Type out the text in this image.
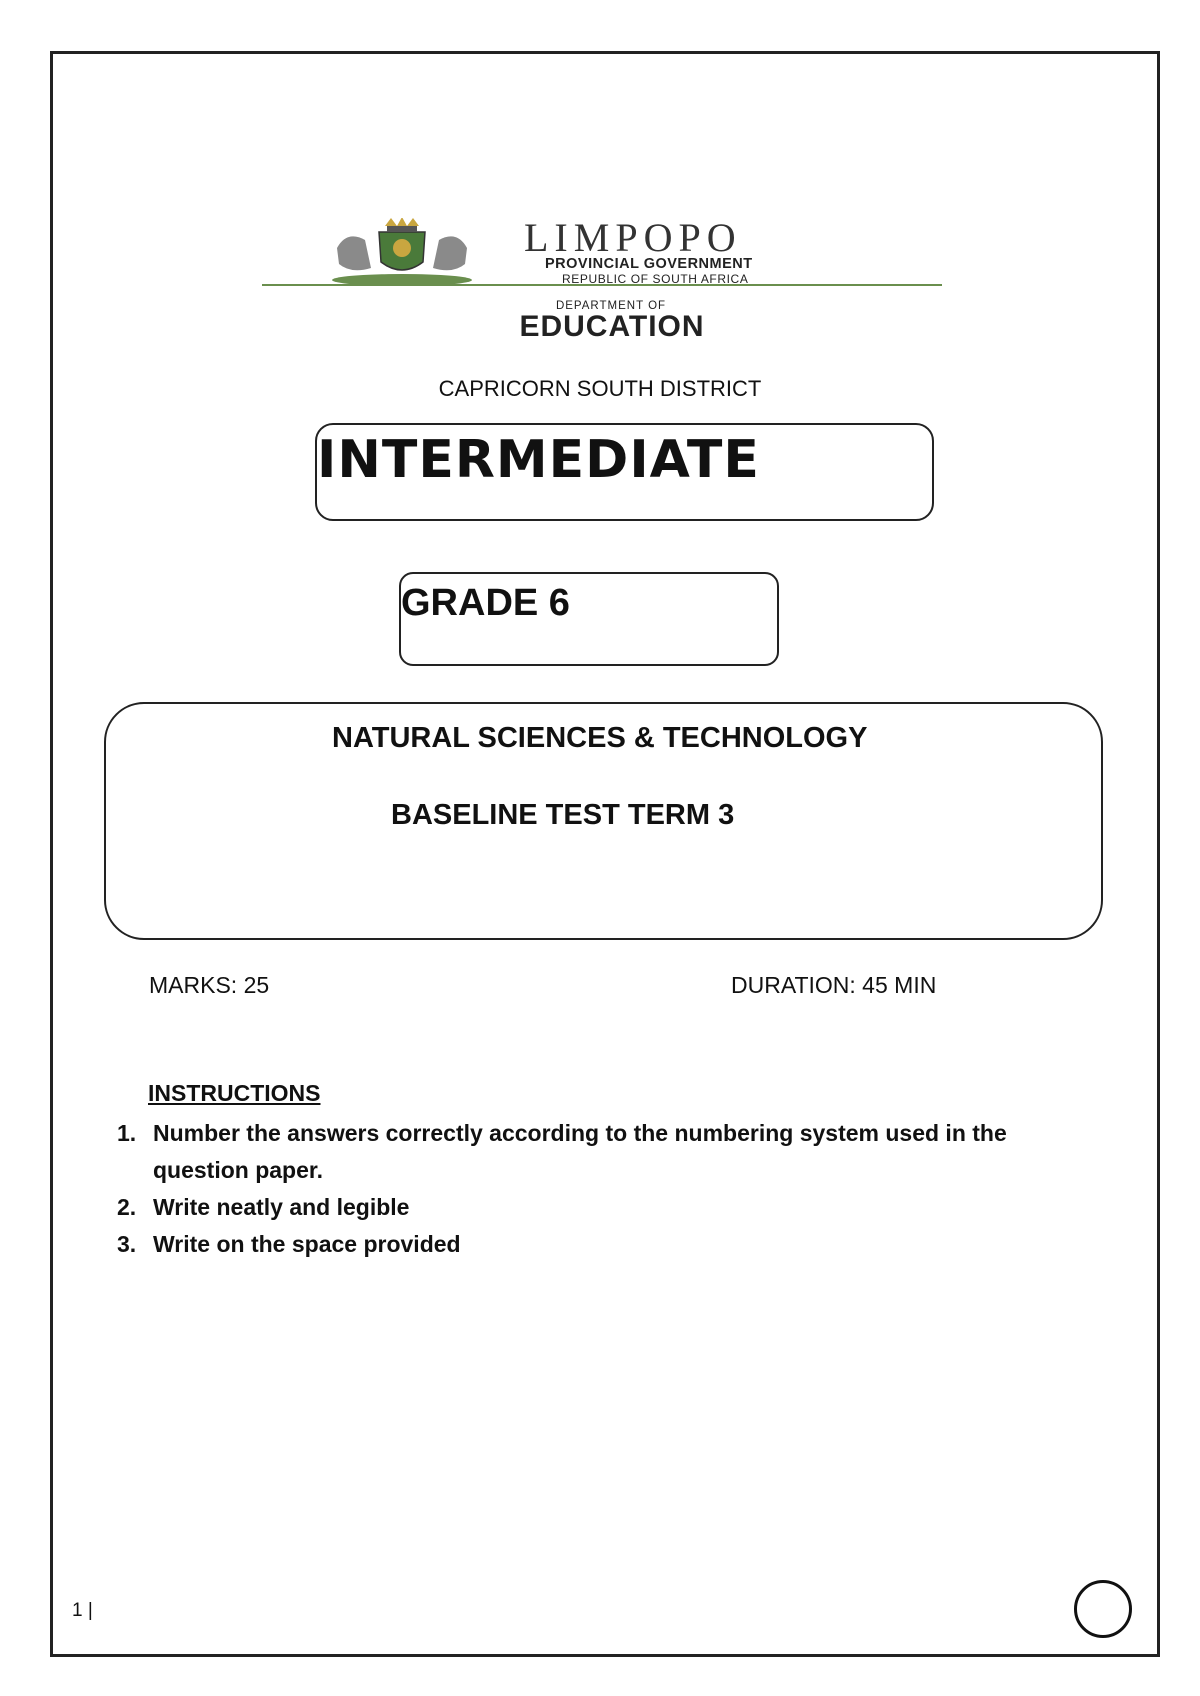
LIMPOPO
PROVINCIAL GOVERNMENT
REPUBLIC OF SOUTH AFRICA
DEPARTMENT OF
EDUCATION
CAPRICORN SOUTH DISTRICT
INTERMEDIATE
GRADE 6
NATURAL SCIENCES & TECHNOLOGY
BASELINE TEST TERM 3
MARKS: 25	DURATION: 45 MIN
INSTRUCTIONS
1. Number the answers correctly according to the numbering system used in the question paper.
2. Write neatly and legible
3. Write on the space provided
1 |
